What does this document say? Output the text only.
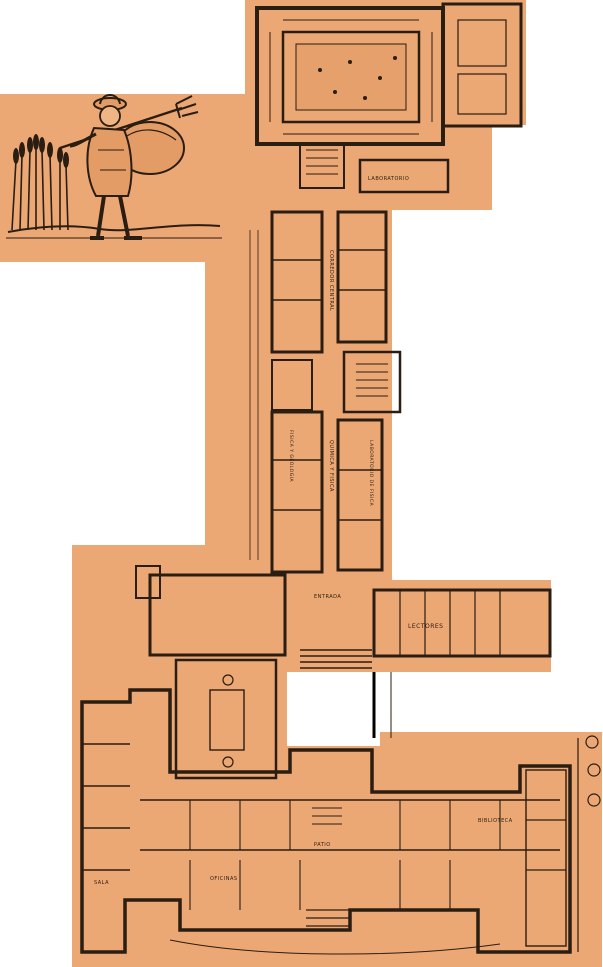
LABORATORIO
CORREDOR CENTRAL
QUIMICA Y FISICA	LABORATORIO DE FISICA
FISICA Y GEOLOGIA
LECTORES
ENTRADA
SALA
PATIO
OFICINAS
BIBLIOTECA
